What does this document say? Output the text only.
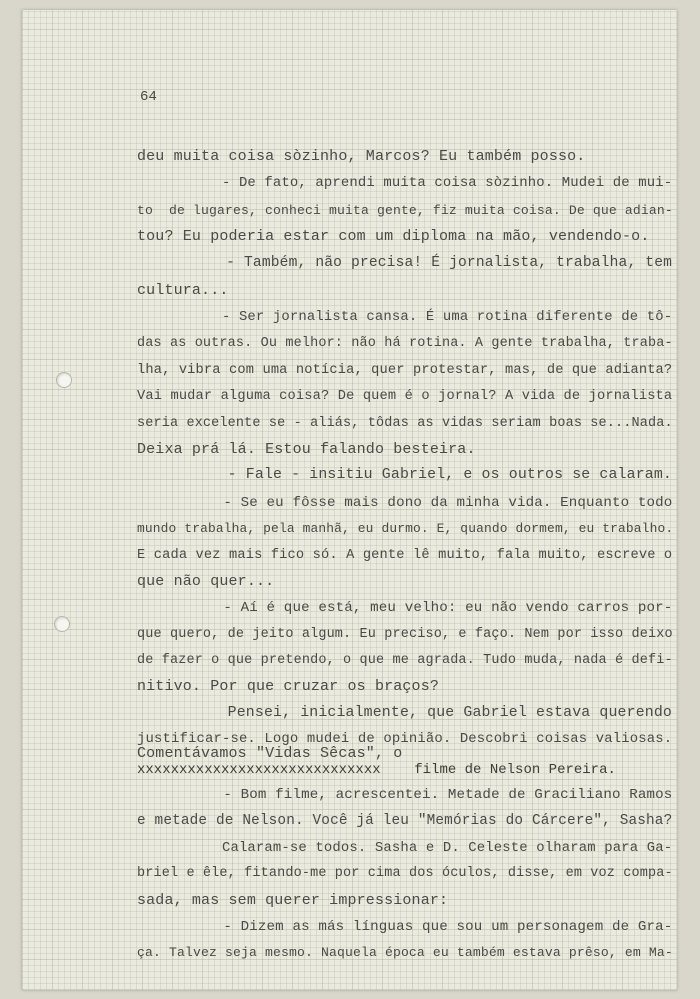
64
deu muita coisa sòzinho, Marcos? Eu também posso.
- De fato, aprendi muita coisa sòzinho. Mudei de mui-
to  de lugares, conheci muita gente, fiz muita coisa. De que adian-
tou? Eu poderia estar com um diploma na mão, vendendo-o.
- Também, não precisa! É jornalista, trabalha, tem
cultura...
- Ser jornalista cansa. É uma rotina diferente de tô-
das as outras. Ou melhor: não há rotina. A gente trabalha, traba-
lha, vibra com uma notícia, quer protestar, mas, de que adianta?
Vai mudar alguma coisa? De quem é o jornal? A vida de jornalista
seria excelente se - aliás, tôdas as vidas seriam boas se...Nada.
Deixa prá lá. Estou falando besteira.
- Fale - insitiu Gabriel, e os outros se calaram.
- Se eu fôsse mais dono da minha vida. Enquanto todo
mundo trabalha, pela manhã, eu durmo. E, quando dormem, eu trabalho.
E cada vez mais fico só. A gente lê muito, fala muito, escreve o
que não quer...
- Aí é que está, meu velho: eu não vendo carros por-
que quero, de jeito algum. Eu preciso, e faço. Nem por isso deixo
de fazer o que pretendo, o que me agrada. Tudo muda, nada é defi-
nitivo. Por que cruzar os braços?
Pensei, inicialmente, que Gabriel estava querendo
justificar-se. Logo mudei de opinião. Descobri coisas valiosas.
Comentávamos "Vidas Sêcas", o
xxxxxxxxxxxxxxxxxxxxxxxxxxxxx    filme de Nelson Pereira.
- Bom filme, acrescentei. Metade de Graciliano Ramos
e metade de Nelson. Você já leu "Memórias do Cárcere", Sasha?
Calaram-se todos. Sasha e D. Celeste olharam para Ga-
briel e êle, fitando-me por cima dos óculos, disse, em voz compa-
sada, mas sem querer impressionar:
- Dizem as más línguas que sou um personagem de Gra-
ça. Talvez seja mesmo. Naquela época eu também estava prêso, em Ma-
